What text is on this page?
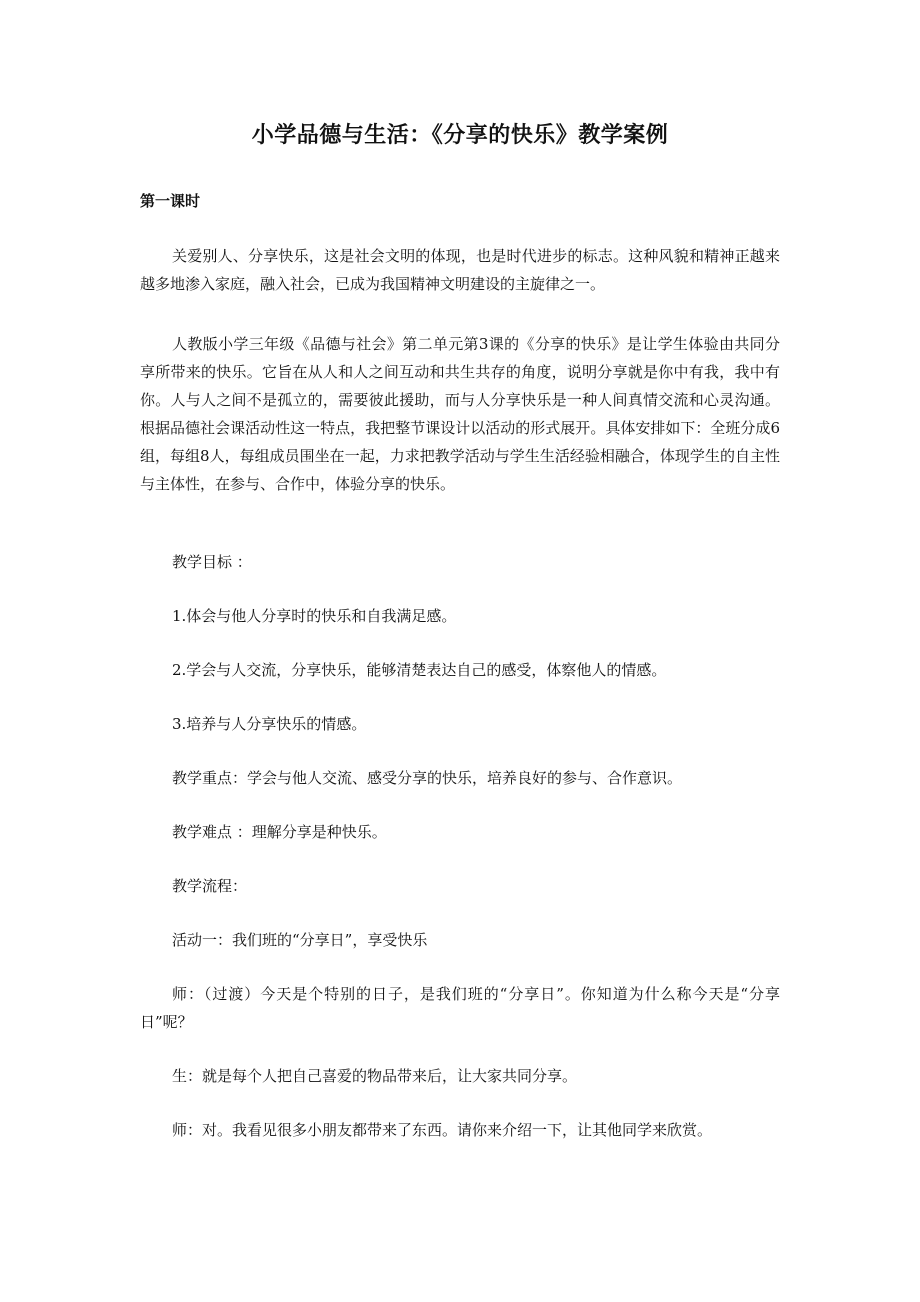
小学品德与生活：《分享的快乐》教学案例
第一课时
关爱别人、分享快乐，这是社会文明的体现，也是时代进步的标志。这种风貌和精神正越来越多地渗入家庭，融入社会，已成为我国精神文明建设的主旋律之一。
人教版小学三年级《品德与社会》第二单元第3课的《分享的快乐》是让学生体验由共同分享所带来的快乐。它旨在从人和人之间互动和共生共存的角度，说明分享就是你中有我，我中有你。人与人之间不是孤立的，需要彼此援助，而与人分享快乐是一种人间真情交流和心灵沟通。根据品德社会课活动性这一特点，我把整节课设计以活动的形式展开。具体安排如下：全班分成6组，每组8人，每组成员围坐在一起，力求把教学活动与学生生活经验相融合，体现学生的自主性与主体性，在参与、合作中，体验分享的快乐。
教学目标 ：
1.体会与他人分享时的快乐和自我满足感。
2.学会与人交流，分享快乐，能够清楚表达自己的感受，体察他人的情感。
3.培养与人分享快乐的情感。
教学重点：学会与他人交流、感受分享的快乐，培养良好的参与、合作意识。
教学难点 ：理解分享是种快乐。
教学流程：
活动一：我们班的“分享日”，享受快乐
师：（过渡）今天是个特别的日子，是我们班的“分享日”。你知道为什么称今天是“分享日”呢？
生：就是每个人把自己喜爱的物品带来后，让大家共同分享。
师：对。我看见很多小朋友都带来了东西。请你来介绍一下，让其他同学来欣赏。
